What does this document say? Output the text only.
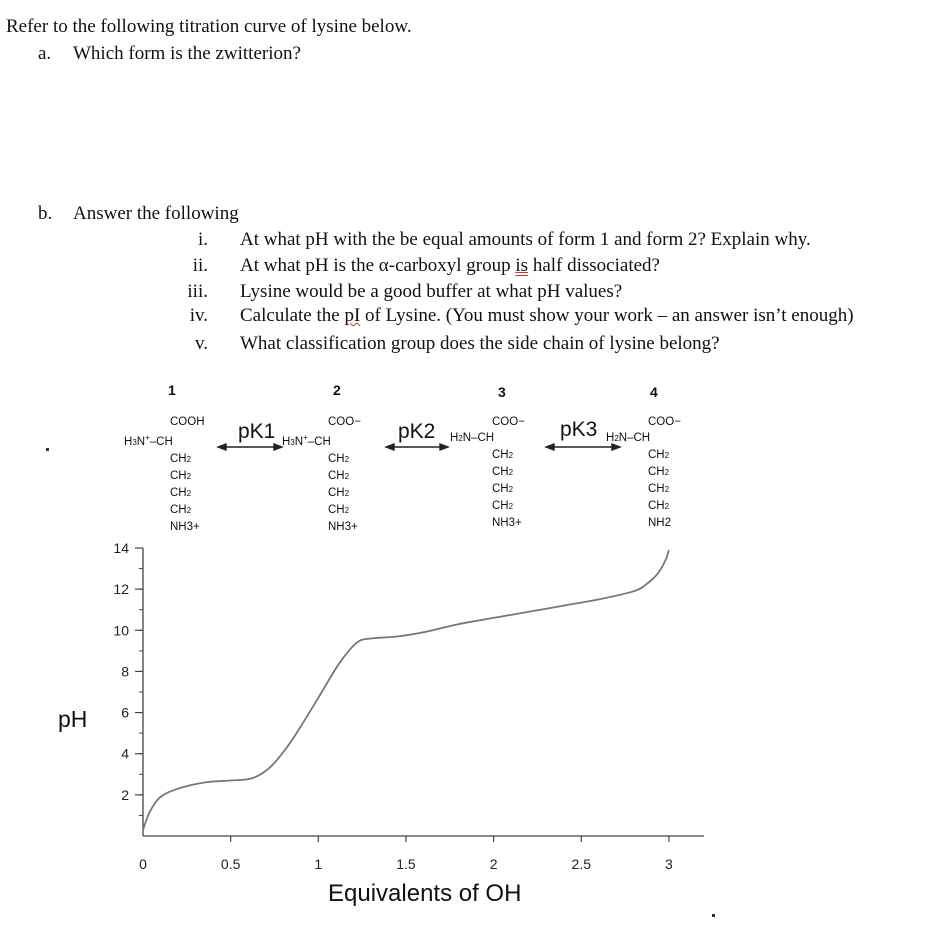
Refer to the following titration curve of lysine below.
a. Which form is the zwitterion?
b. Answer the following
i. At what pH with the be equal amounts of form 1 and form 2? Explain why.
ii. At what pH is the α-carboxyl group is half dissociated?
iii. Lysine would be a good buffer at what pH values?
iv. Calculate the pI of Lysine. (You must show your work – an answer isn’t enough)
v. What classification group does the side chain of lysine belong?
2
4
6
8
10
12
14
0	0.5	1	1.5	2	2.5	3
pH
Equivalents of OH
pK1	pK2	pK3
1	2	3	4
COOH
H3N+–CH
CH2
CH2
CH2
CH2
NH3+
COO−
H3N+–CH
CH2
CH2
CH2
CH2
NH3+
COO−
H2N–CH
CH2
CH2
CH2
CH2
NH3+
COO−
H2N–CH
CH2
CH2
CH2
CH2
NH2
